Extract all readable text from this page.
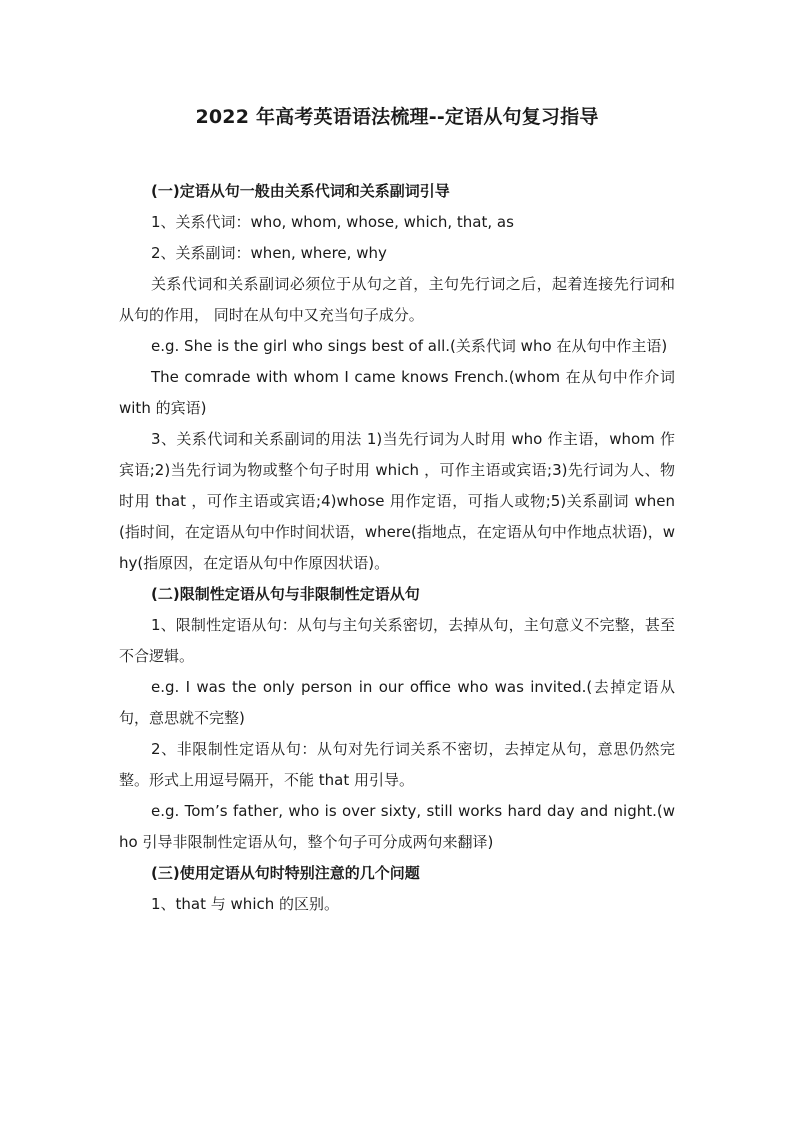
2022 年高考英语语法梳理--定语从句复习指导

(一)定语从句一般由关系代词和关系副词引导

1、关系代词：who, whom, whose, which, that, as

2、关系副词：when, where, why

关系代词和关系副词必须位于从句之首，主句先行词之后，起着连接先行词和从句的作用， 同时在从句中又充当句子成分。

e.g. She is the girl who sings best of all.(关系代词 who 在从句中作主语)

The comrade with whom I came knows French.(whom 在从句中作介词 with 的宾语)

3、关系代词和关系副词的用法 1)当先行词为人时用 who 作主语，whom 作宾语;2)当先行词为物或整个句子时用 which ，可作主语或宾语;3)先行词为人、物时用 that ，可作主语或宾语;4)whose 用作定语，可指人或物;5)关系副词 when(指时间，在定语从句中作时间状语，where(指地点，在定语从句中作地点状语)，why(指原因，在定语从句中作原因状语)。

(二)限制性定语从句与非限制性定语从句

1、限制性定语从句：从句与主句关系密切，去掉从句，主句意义不完整，甚至不合逻辑。

e.g. I was the only person in our office who was invited.(去掉定语从句，意思就不完整)

2、非限制性定语从句：从句对先行词关系不密切，去掉定从句，意思仍然完整。形式上用逗号隔开，不能 that 用引导。

e.g. Tom’s father, who is over sixty, still works hard day and night.(who 引导非限制性定语从句，整个句子可分成两句来翻译)

(三)使用定语从句时特别注意的几个问题

1、that 与 which 的区别。
